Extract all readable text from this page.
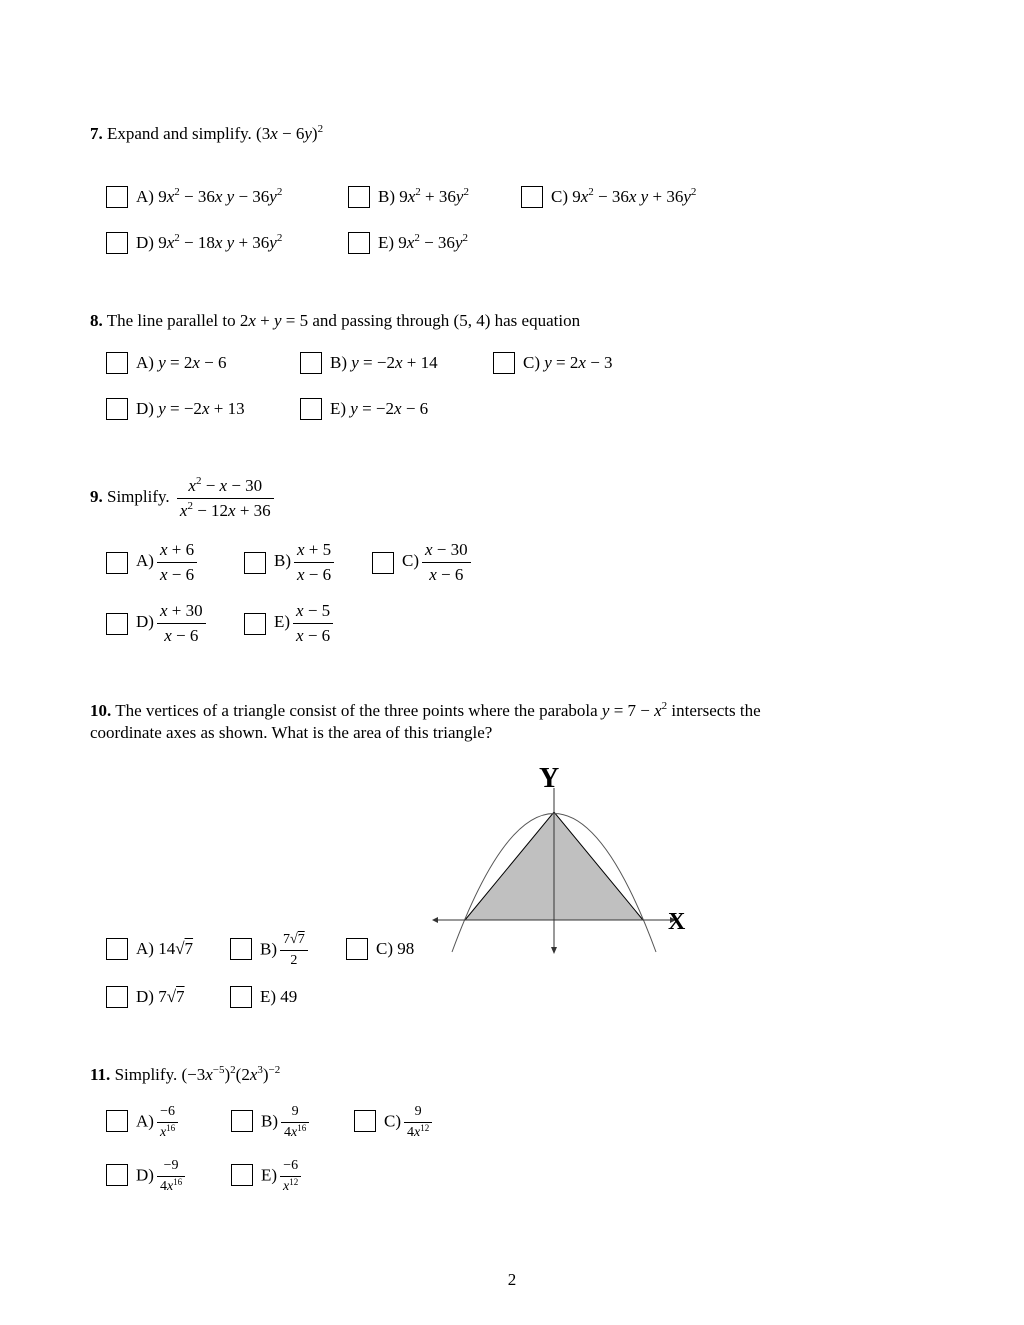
7. Expand and simplify. $(3x - 6y)^2$
A) $9x^2 - 36x$ $y - 36y^2$	B) $9x^2 + 36y^2$	C) $9x^2 - 36x$ $y + 36y^2$
D) $9x^2 - 18x$ $y + 36y^2$	E) $9x^2 - 36y^2$
8. The line parallel to 2x + y = 5 and passing through (5, 4) has equation
A) y = 2x − 6	B) y = −2x + 14	C) y = 2x − 3
D) y = −2x + 13	E) y = −2x − 6
9. Simplify. $\frac{x^2 - x - 30}{x^2 - 12x + 36}$
$A) \frac{x + 6}{x - 6}$	$B) \frac{x + 5}{x - 6}$	$C) \frac{x - 30}{x - 6}$
$D) \frac{x + 30}{x - 6}$	$E) \frac{x - 5}{x - 6}$
10. The vertices of a triangle consist of the three points where the parabola $y = 7 - x^2$ intersects the
coordinate axes as shown. What is the area of this triangle?
Y
X
A) 14√7	$B) \frac{7√7}{2}$	C) 98
D) 7√7	E) 49
11. Simplify. $(-3x^{-5})^2(2x^3)^{-2}$
$A) \frac{-6}{x^{16}}$	$B) \frac{9}{4x^{16}}$	$C) \frac{9}{4x^{12}}$
$D) \frac{-9}{4x^{16}}$	$E) \frac{-6}{x^{12}}$
2
